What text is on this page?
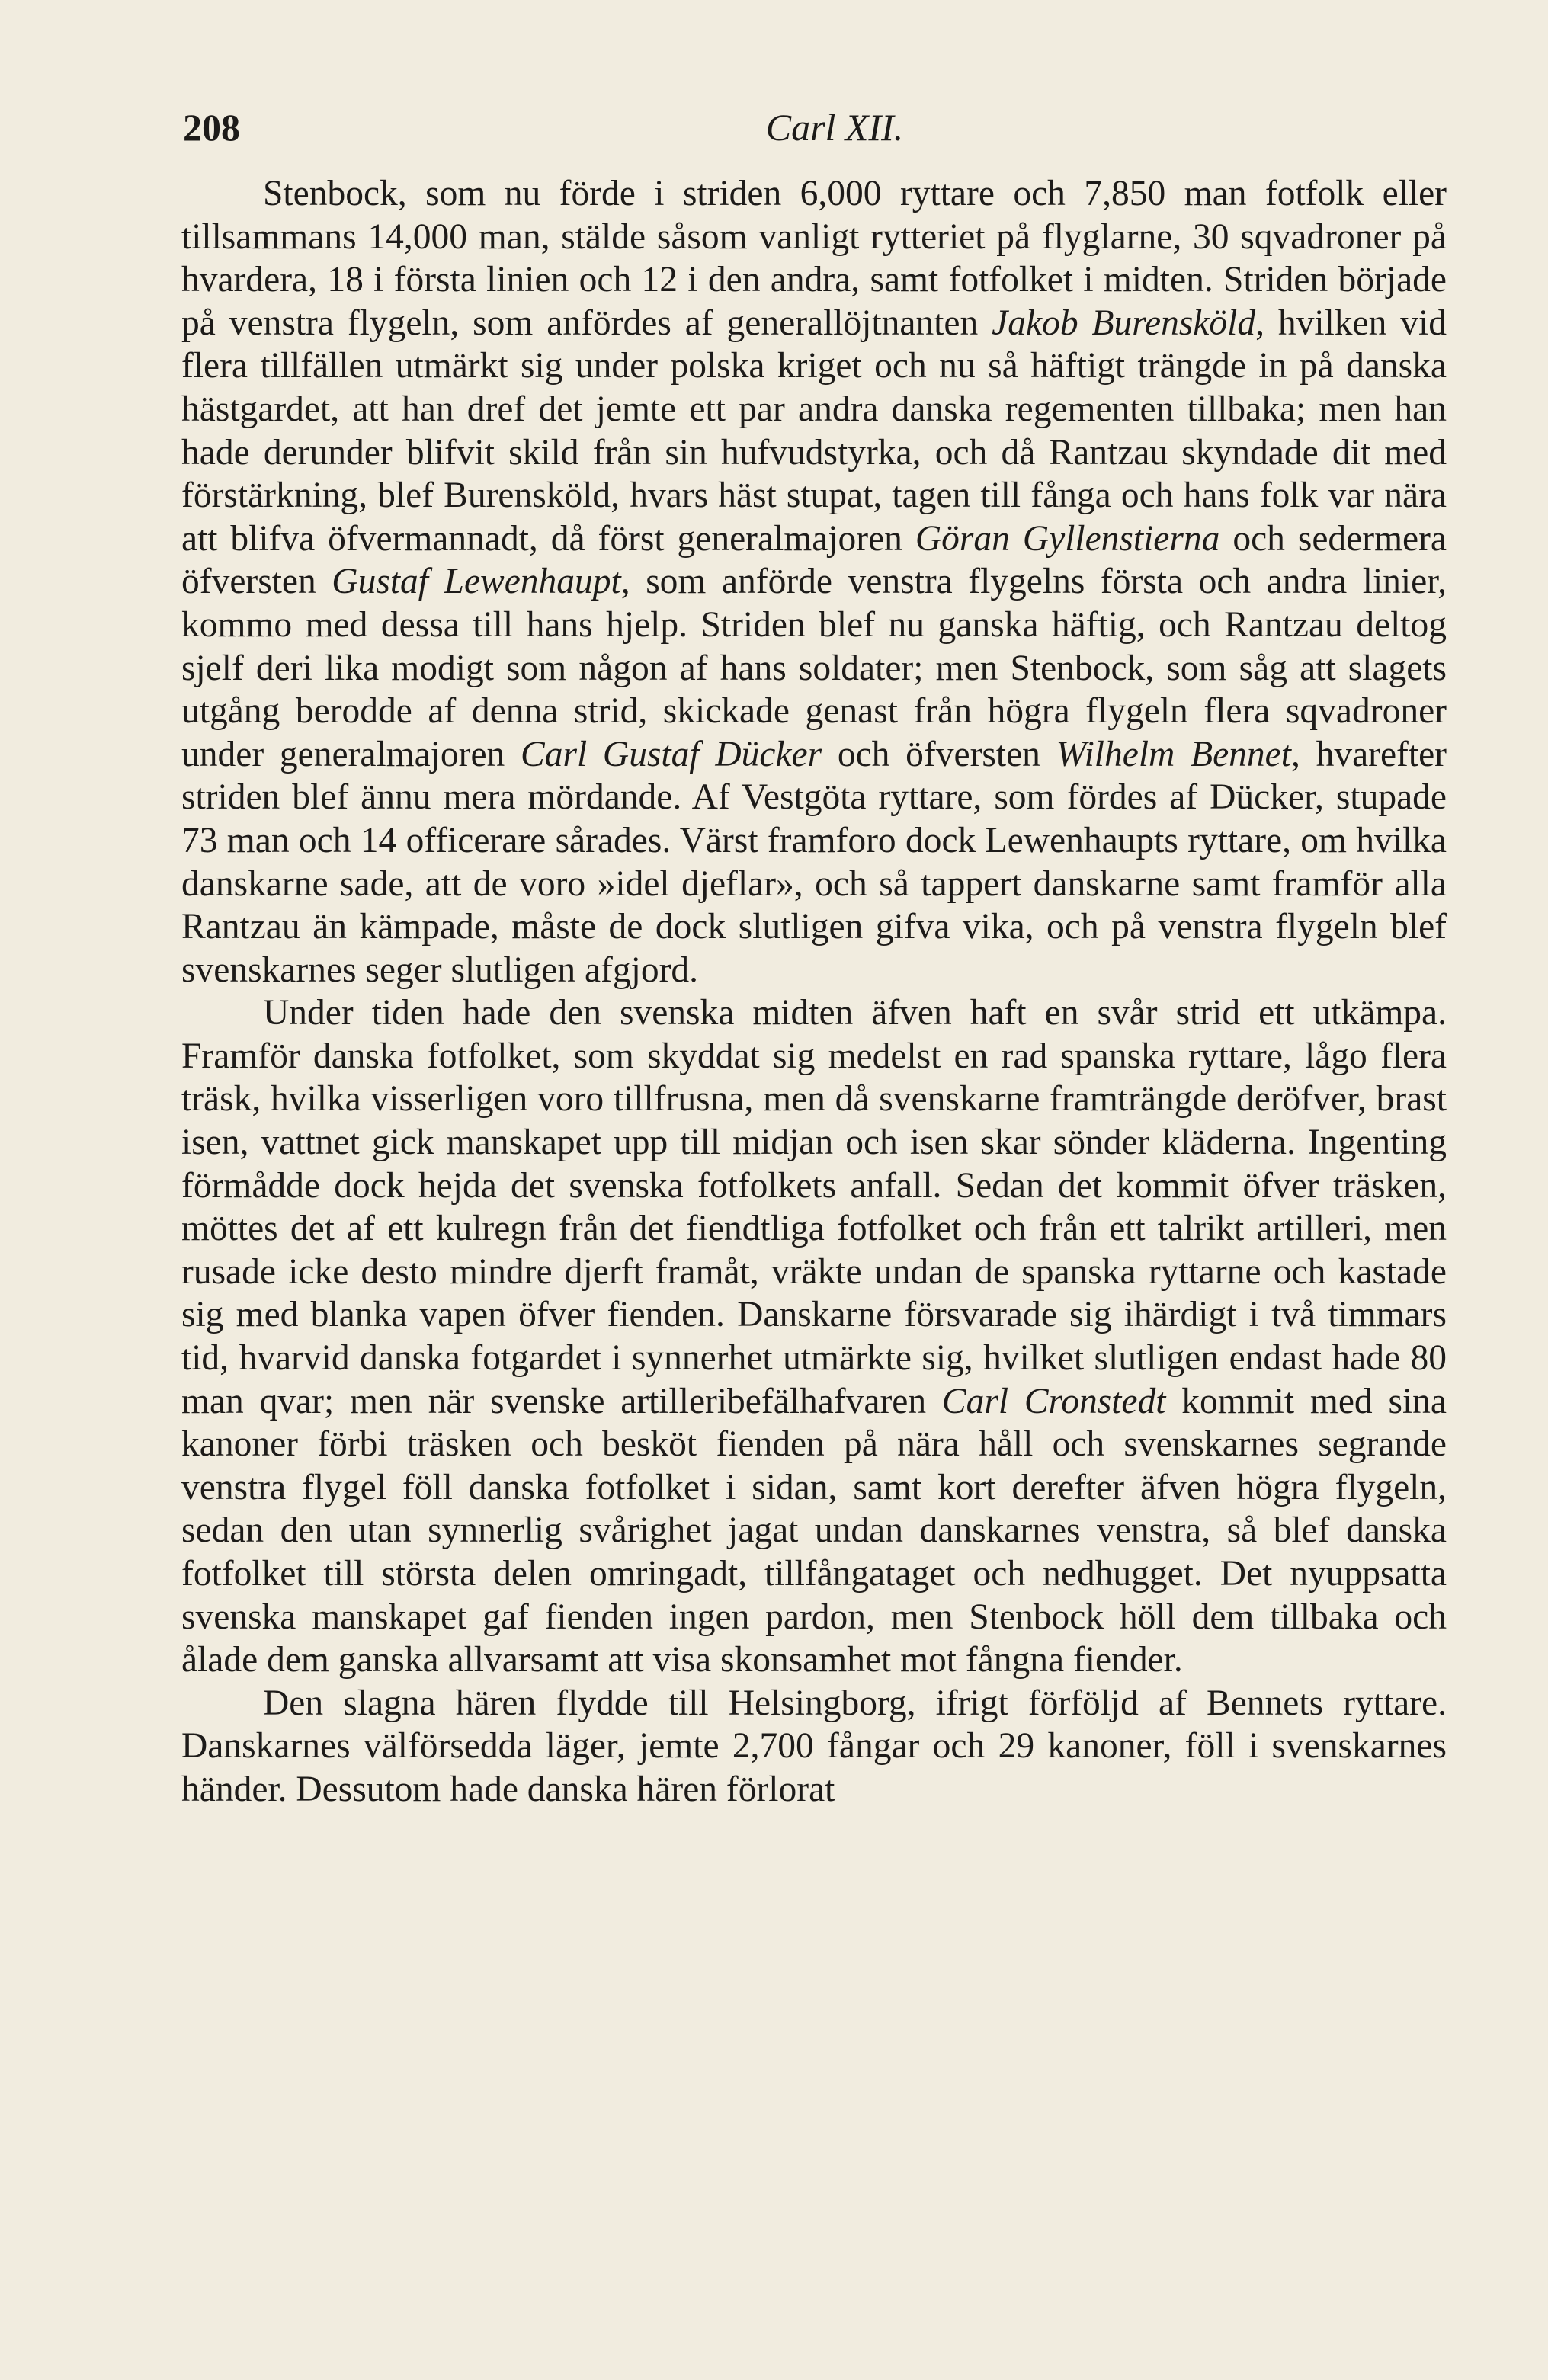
208	Carl XII.

Stenbock, som nu förde i striden 6,000 ryttare och 7,850 man fotfolk eller tillsammans 14,000 man, stälde såsom vanligt rytteriet på flyglarne, 30 sqvadroner på hvardera, 18 i första linien och 12 i den andra, samt fotfolket i midten. Striden började på venstra flygeln, som anfördes af generallöjtnanten Jakob Burensköld, hvilken vid flera tillfällen utmärkt sig under polska kriget och nu så häftigt trängde in på danska hästgardet, att han dref det jemte ett par andra danska regementen tillbaka; men han hade derunder blifvit skild från sin hufvudstyrka, och då Rantzau skyndade dit med förstärkning, blef Burensköld, hvars häst stupat, tagen till fånga och hans folk var nära att blifva öfvermannadt, då först generalmajoren Göran Gyllenstierna och sedermera öfversten Gustaf Lewenhaupt, som anförde venstra flygelns första och andra linier, kommo med dessa till hans hjelp. Striden blef nu ganska häftig, och Rantzau deltog sjelf deri lika modigt som någon af hans soldater; men Stenbock, som såg att slagets utgång berodde af denna strid, skickade genast från högra flygeln flera sqvadroner under generalmajoren Carl Gustaf Dücker och öfversten Wilhelm Bennet, hvarefter striden blef ännu mera mördande. Af Vestgöta ryttare, som fördes af Dücker, stupade 73 man och 14 officerare sårades. Värst framforo dock Lewenhaupts ryttare, om hvilka danskarne sade, att de voro »idel djeflar», och så tappert danskarne samt framför alla Rantzau än kämpade, måste de dock slutligen gifva vika, och på venstra flygeln blef svenskarnes seger slutligen afgjord.

Under tiden hade den svenska midten äfven haft en svår strid ett utkämpa. Framför danska fotfolket, som skyddat sig medelst en rad spanska ryttare, lågo flera träsk, hvilka visserligen voro tillfrusna, men då svenskarne framträngde deröfver, brast isen, vattnet gick manskapet upp till midjan och isen skar sönder kläderna. Ingenting förmådde dock hejda det svenska fotfolkets anfall. Sedan det kommit öfver träsken, möttes det af ett kulregn från det fiendtliga fotfolket och från ett talrikt artilleri, men rusade icke desto mindre djerft framåt, vräkte undan de spanska ryttarne och kastade sig med blanka vapen öfver fienden. Danskarne försvarade sig ihärdigt i två timmars tid, hvarvid danska fotgardet i synnerhet utmärkte sig, hvilket slutligen endast hade 80 man qvar; men när svenske artilleribefälhafvaren Carl Cronstedt kommit med sina kanoner förbi träsken och besköt fienden på nära håll och svenskarnes segrande venstra flygel föll danska fotfolket i sidan, samt kort derefter äfven högra flygeln, sedan den utan synnerlig svårighet jagat undan danskarnes venstra, så blef danska fotfolket till största delen omringadt, tillfångataget och nedhugget. Det nyuppsatta svenska manskapet gaf fienden ingen pardon, men Stenbock höll dem tillbaka och ålade dem ganska allvarsamt att visa skonsamhet mot fångna fiender.

Den slagna hären flydde till Helsingborg, ifrigt förföljd af Bennets ryttare. Danskarnes välförsedda läger, jemte 2,700 fångar och 29 kanoner, föll i svenskarnes händer. Dessutom hade danska hären förlorat
